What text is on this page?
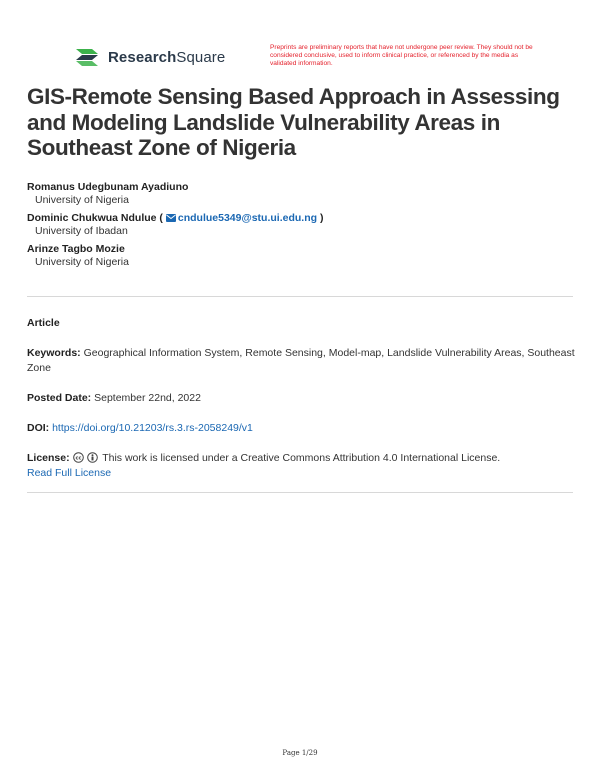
ResearchSquare
Preprints are preliminary reports that have not undergone peer review. They should not be considered conclusive, used to inform clinical practice, or referenced by the media as validated information.
GIS-Remote Sensing Based Approach in Assessing and Modeling Landslide Vulnerability Areas in Southeast Zone of Nigeria
Romanus Udegbunam Ayadiuno
University of Nigeria
Dominic Chukwua Ndulue ( cndulue5349@stu.ui.edu.ng )
University of Ibadan
Arinze Tagbo Mozie
University of Nigeria
Article
Keywords: Geographical Information System, Remote Sensing, Model-map, Landslide Vulnerability Areas, Southeast Zone
Posted Date: September 22nd, 2022
DOI: https://doi.org/10.21203/rs.3.rs-2058249/v1
License: cc This work is licensed under a Creative Commons Attribution 4.0 International License.
Read Full License
Page 1/29
